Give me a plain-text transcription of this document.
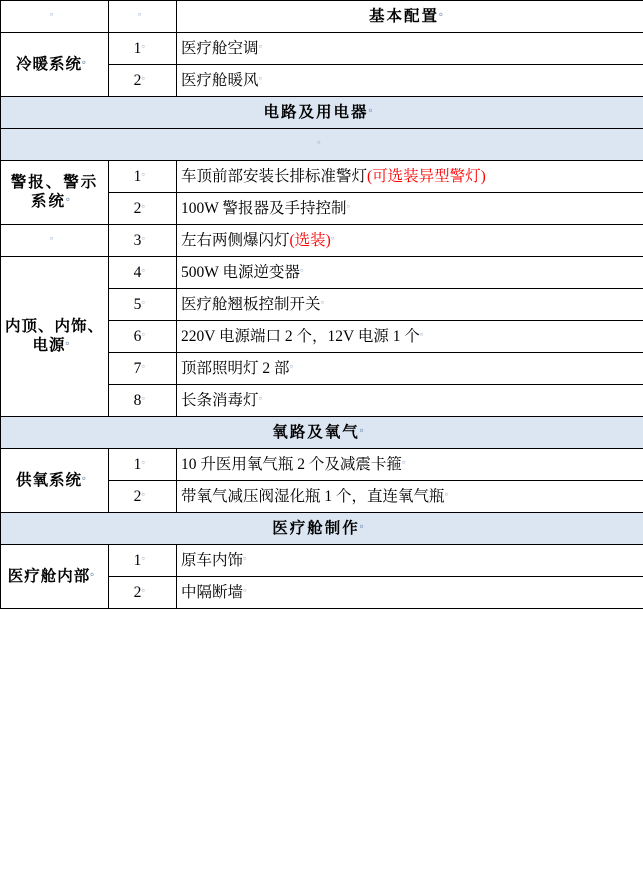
。	。	基本配置。
冷暖系统。	1。	医疗舱空调。
	2。	医疗舱暖风。
电路及用电器。
。
警报、警示系统。	1。	车顶前部安装长排标准警灯(可选装异型警灯)
	2。	100W 警报器及手持控制。
。	3。	左右两侧爆闪灯(选装)。
内顶、内饰、电源。	4。	500W 电源逆变器。
	5。	医疗舱翘板控制开关。
	6。	220V 电源端口 2 个，12V 电源 1 个。
	7。	顶部照明灯 2 部。
	8。	长条消毒灯。
氧路及氧气。
供氧系统。	1。	10 升医用氧气瓶 2 个及减震卡箍。
	2。	带氧气减压阀湿化瓶 1 个，直连氧气瓶。
医疗舱制作。
医疗舱内部。	1。	原车内饰。
	2。	中隔断墙。
